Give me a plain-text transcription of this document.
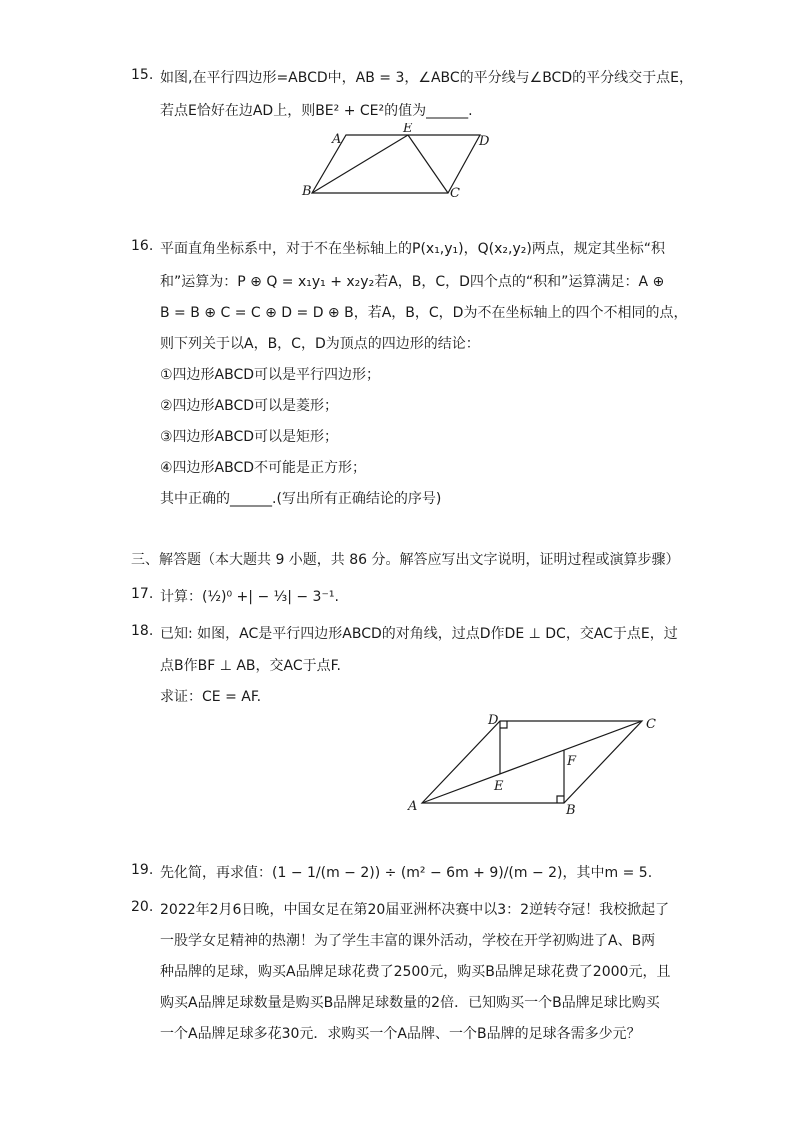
15. 如图,在平行四边形=ABCD中，AB = 3，∠ABC的平分线与∠BCD的平分线交于点E，
若点E恰好在边AD上，则BE² + CE²的值为______.
A
E
D
B	C
16. 平面直角坐标系中，对于不在坐标轴上的P(x₁,y₁)，Q(x₂,y₂)两点，规定其坐标“积
和”运算为：P ⊕ Q = x₁y₁ + x₂y₂若A，B，C，D四个点的“积和”运算满足：A ⊕
B = B ⊕ C = C ⊕ D = D ⊕ B，若A，B，C，D为不在坐标轴上的四个不相同的点，
则下列关于以A，B，C，D为顶点的四边形的结论：
①四边形ABCD可以是平行四边形；
②四边形ABCD可以是菱形；
③四边形ABCD可以是矩形；
④四边形ABCD不可能是正方形；
其中正确的______.(写出所有正确结论的序号)
三、解答题（本大题共 9 小题，共 86 分。解答应写出文字说明，证明过程或演算步骤）
17. 计算：(½)⁰ +| − ⅓| − 3⁻¹.
18. 已知: 如图，AC是平行四边形ABCD的对角线，过点D作DE ⊥ DC，交AC于点E，过
点B作BF ⊥ AB，交AC于点F.
求证：CE = AF.
D	C
F
E
A	B
19. 先化简，再求值：(1 − 1/(m − 2)) ÷ (m² − 6m + 9)/(m − 2)，其中m = 5.
20. 2022年2月6日晚，中国女足在第20届亚洲杯决赛中以3：2逆转夺冠！我校掀起了
一股学女足精神的热潮！为了学生丰富的课外活动，学校在开学初购进了A、B两
种品牌的足球，购买A品牌足球花费了2500元，购买B品牌足球花费了2000元，且
购买A品牌足球数量是购买B品牌足球数量的2倍．已知购买一个B品牌足球比购买
一个A品牌足球多花30元．求购买一个A品牌、一个B品牌的足球各需多少元？
